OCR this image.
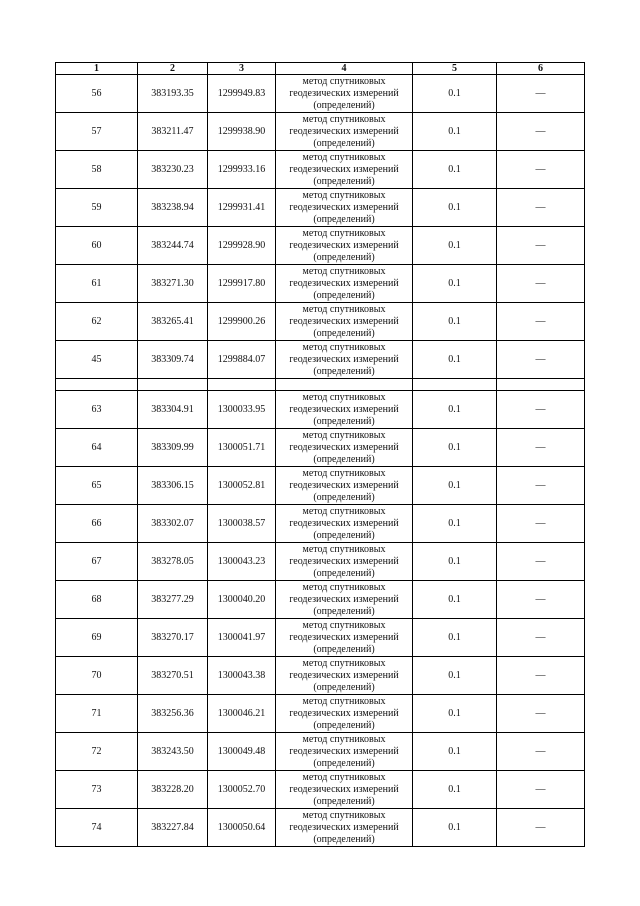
1	2	3	4	5	6
56	383193.35	1299949.83	метод спутниковых геодезических измерений (определений)	0.1	—
57	383211.47	1299938.90	метод спутниковых геодезических измерений (определений)	0.1	—
58	383230.23	1299933.16	метод спутниковых геодезических измерений (определений)	0.1	—
59	383238.94	1299931.41	метод спутниковых геодезических измерений (определений)	0.1	—
60	383244.74	1299928.90	метод спутниковых геодезических измерений (определений)	0.1	—
61	383271.30	1299917.80	метод спутниковых геодезических измерений (определений)	0.1	—
62	383265.41	1299900.26	метод спутниковых геодезических измерений (определений)	0.1	—
45	383309.74	1299884.07	метод спутниковых геодезических измерений (определений)	0.1	—

63	383304.91	1300033.95	метод спутниковых геодезических измерений (определений)	0.1	—
64	383309.99	1300051.71	метод спутниковых геодезических измерений (определений)	0.1	—
65	383306.15	1300052.81	метод спутниковых геодезических измерений (определений)	0.1	—
66	383302.07	1300038.57	метод спутниковых геодезических измерений (определений)	0.1	—
67	383278.05	1300043.23	метод спутниковых геодезических измерений (определений)	0.1	—
68	383277.29	1300040.20	метод спутниковых геодезических измерений (определений)	0.1	—
69	383270.17	1300041.97	метод спутниковых геодезических измерений (определений)	0.1	—
70	383270.51	1300043.38	метод спутниковых геодезических измерений (определений)	0.1	—
71	383256.36	1300046.21	метод спутниковых геодезических измерений (определений)	0.1	—
72	383243.50	1300049.48	метод спутниковых геодезических измерений (определений)	0.1	—
73	383228.20	1300052.70	метод спутниковых геодезических измерений (определений)	0.1	—
74	383227.84	1300050.64	метод спутниковых геодезических измерений (определений)	0.1	—
